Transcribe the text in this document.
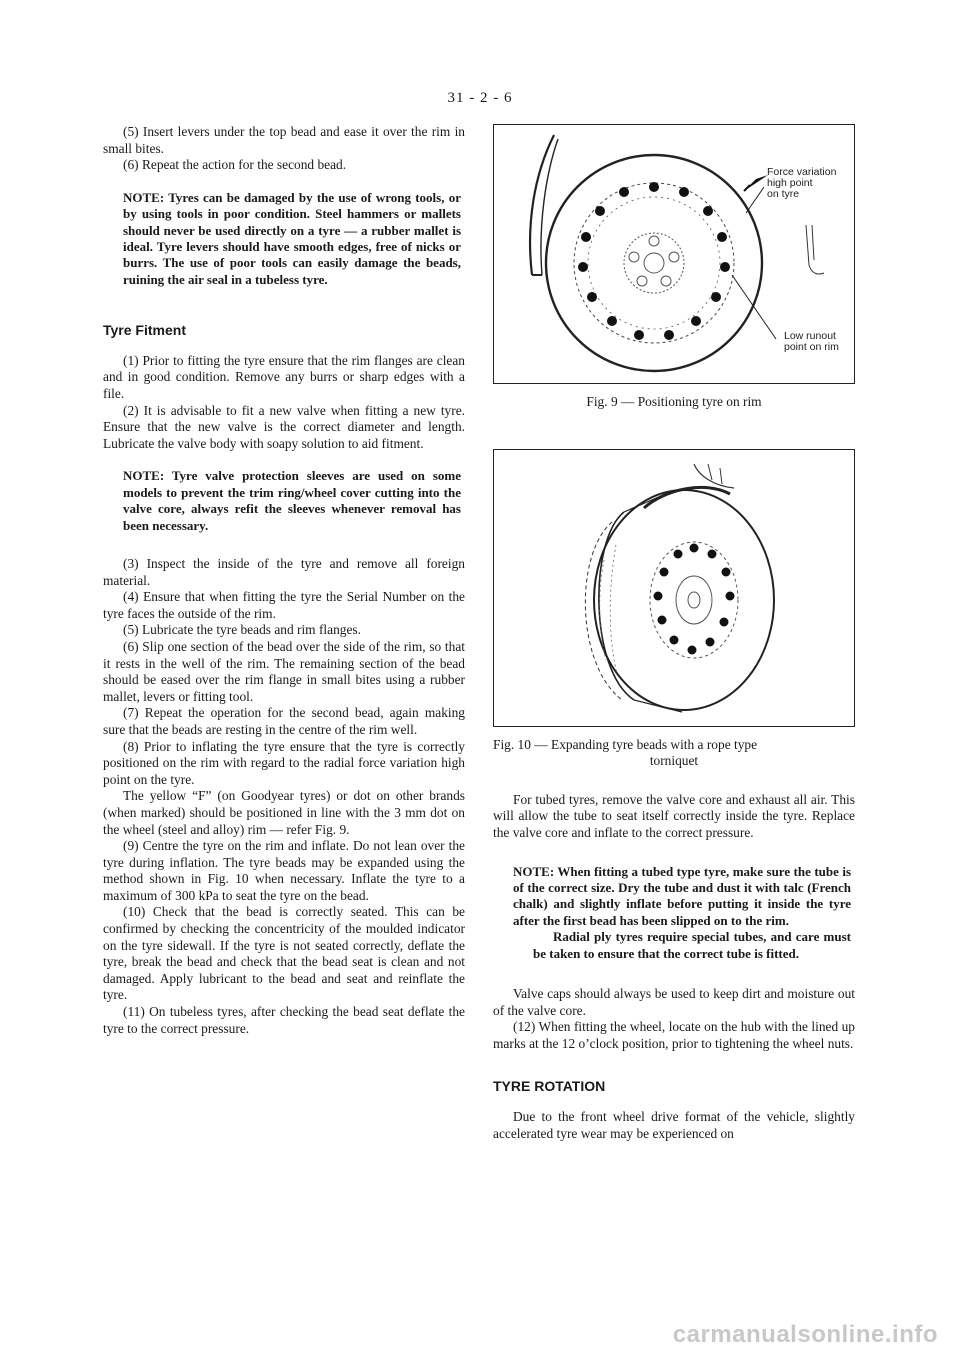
31 - 2 - 6

(5) Insert levers under the top bead and ease it over the rim in small bites.

(6) Repeat the action for the second bead.

NOTE: Tyres can be damaged by the use of wrong tools, or by using tools in poor condition. Steel hammers or mallets should never be used directly on a tyre — a rubber mallet is ideal. Tyre levers should have smooth edges, free of nicks or burrs. The use of poor tools can easily damage the beads, ruining the air seal in a tubeless tyre.

Tyre Fitment

(1) Prior to fitting the tyre ensure that the rim flanges are clean and in good condition. Remove any burrs or sharp edges with a file.

(2) It is advisable to fit a new valve when fitting a new tyre. Ensure that the new valve is the correct diameter and length. Lubricate the valve body with soapy solution to aid fitment.

NOTE: Tyre valve protection sleeves are used on some models to prevent the trim ring/wheel cover cutting into the valve core, always refit the sleeves whenever removal has been necessary.

(3) Inspect the inside of the tyre and remove all foreign material.

(4) Ensure that when fitting the tyre the Serial Number on the tyre faces the outside of the rim.

(5) Lubricate the tyre beads and rim flanges.

(6) Slip one section of the bead over the side of the rim, so that it rests in the well of the rim. The remaining section of the bead should be eased over the rim flange in small bites using a rubber mallet, levers or fitting tool.

(7) Repeat the operation for the second bead, again making sure that the beads are resting in the centre of the rim well.

(8) Prior to inflating the tyre ensure that the tyre is correctly positioned on the rim with regard to the radial force variation high point on the tyre.

The yellow “F” (on Goodyear tyres) or dot on other brands (when marked) should be positioned in line with the 3 mm dot on the wheel (steel and alloy) rim — refer Fig. 9.

(9) Centre the tyre on the rim and inflate. Do not lean over the tyre during inflation. The tyre beads may be expanded using the method shown in Fig. 10 when necessary. Inflate the tyre to a maximum of 300 kPa to seat the tyre on the bead.

(10) Check that the bead is correctly seated. This can be confirmed by checking the concentricity of the moulded indicator on the tyre sidewall. If the tyre is not seated correctly, deflate the tyre, break the bead and check that the bead seat is clean and not damaged. Apply lubricant to the bead and seat and reinflate the tyre.

(11) On tubeless tyres, after checking the bead seat deflate the tyre to the correct pressure.

Force variation
high point
on tyre
Low runout
point on rim
Fig. 9 — Positioning tyre on rim
Fig. 10 — Expanding tyre beads with a rope type
torniquet

For tubed tyres, remove the valve core and exhaust all air. This will allow the tube to seat itself correctly inside the tyre. Replace the valve core and inflate to the correct pressure.

NOTE: When fitting a tubed type tyre, make sure the tube is of the correct size. Dry the tube and dust it with talc (French chalk) and slightly inflate before putting it inside the tyre after the first bead has been slipped on to the rim.

Radial ply tyres require special tubes, and care must be taken to ensure that the correct tube is fitted.

Valve caps should always be used to keep dirt and moisture out of the valve core.

(12) When fitting the wheel, locate on the hub with the lined up marks at the 12 o’clock position, prior to tightening the wheel nuts.

TYRE ROTATION

Due to the front wheel drive format of the vehicle, slightly accelerated tyre wear may be experienced on

carmanualsonline.info
